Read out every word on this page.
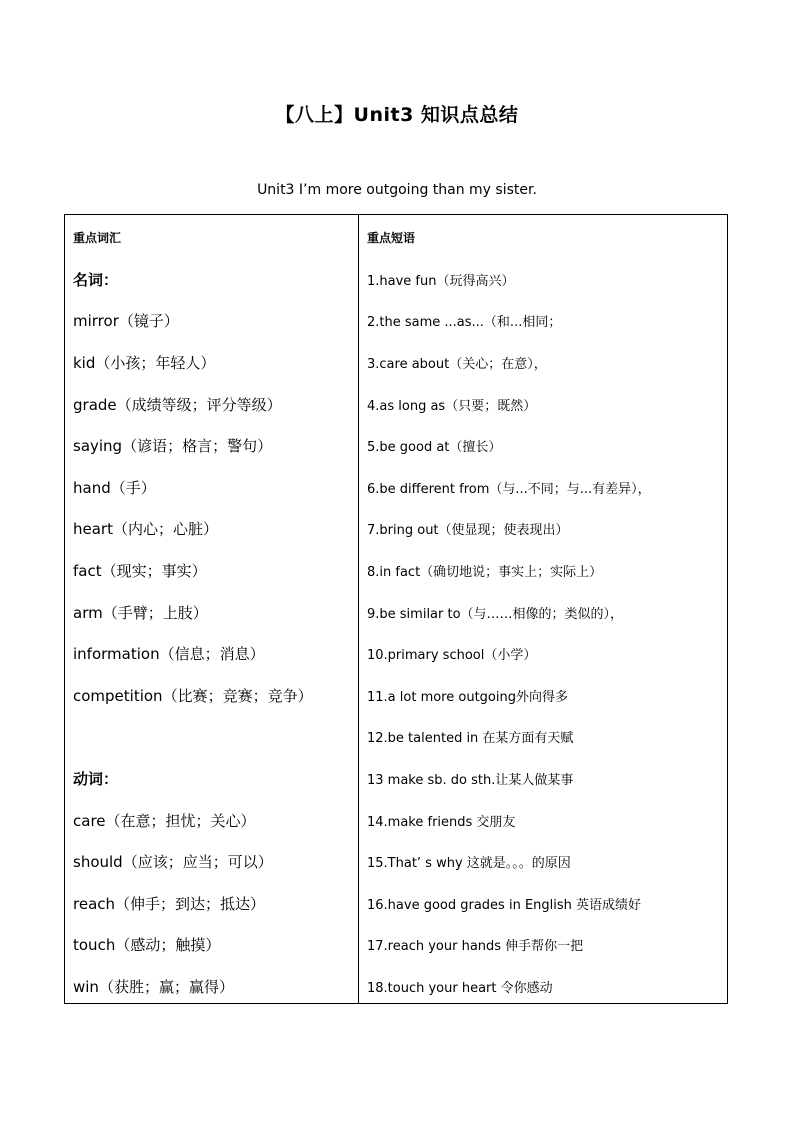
【八上】Unit3 知识点总结
Unit3 I’m more outgoing than my sister.
重点词汇
名词：
mirror（镜子）
kid（小孩；年轻人）
grade（成绩等级；评分等级）
saying（谚语；格言；警句）
hand（手）
heart（内心；心脏）
fact（现实；事实）
arm（手臂；上肢）
information（信息；消息）
competition（比赛；竞赛；竞争）
动词：
care（在意；担忧；关心）
should（应该；应当；可以）
reach（伸手；到达；抵达）
touch（感动；触摸）
win（获胜；赢；赢得）
重点短语
1.have fun（玩得高兴）
2.the same ...as...（和...相同；
3.care about（关心；在意），
4.as long as（只要；既然）
5.be good at（擅长）
6.be different from（与...不同；与...有差异），
7.bring out（使显现；使表现出）
8.in fact（确切地说；事实上；实际上）
9.be similar to（与……相像的；类似的），
10.primary school（小学）
11.a lot more outgoing外向得多
12.be talented in 在某方面有天赋
13 make sb. do sth.让某人做某事
14.make friends 交朋友
15.That’ s why 这就是。。。的原因
16.have good grades in English 英语成绩好
17.reach your hands 伸手帮你一把
18.touch your heart 令你感动
